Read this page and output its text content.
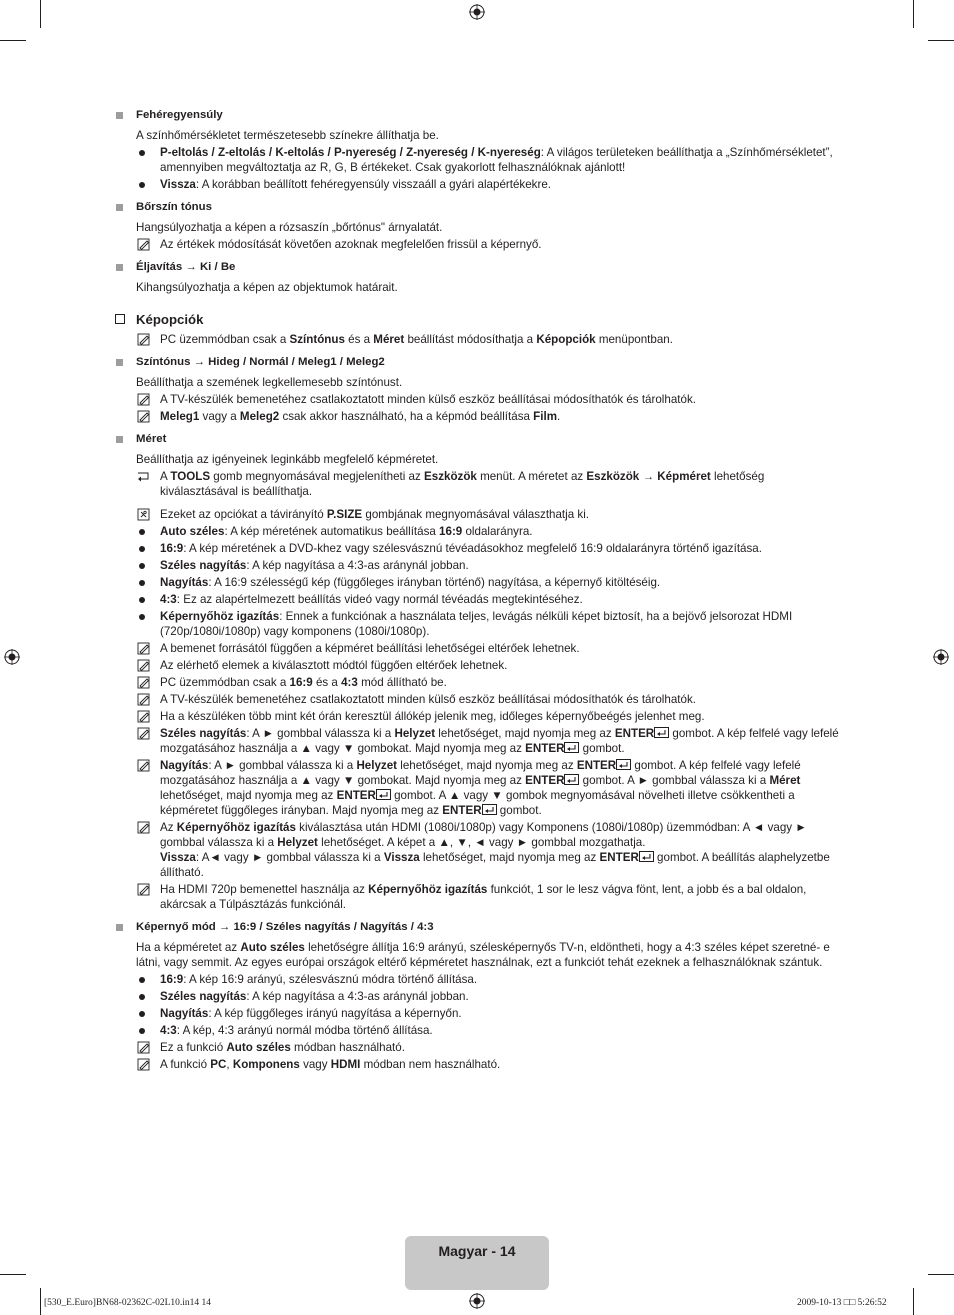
Fehéregyensúly
A színhőmérsékletet természetesebb színekre állíthatja be.
P-eltolás / Z-eltolás / K-eltolás / P-nyereség / Z-nyereség / K-nyereség: A világos területeken beállíthatja a „Színhőmérsékletet”, amennyiben megváltoztatja az R, G, B értékeket. Csak gyakorlott felhasználóknak ajánlott!
Vissza: A korábban beállított fehéregyensúly visszaáll a gyári alapértékekre.
Bőrszín tónus
Hangsúlyozhatja a képen a rózsaszín „bőrtónus" árnyalatát.
Az értékek módosítását követően azoknak megfelelően frissül a képernyő.
Éljavítás → Ki / Be
Kihangsúlyozhatja a képen az objektumok határait.
Képopciók
PC üzemmódban csak a Színtónus és a Méret beállítást módosíthatja a Képopciók menüpontban.
Színtónus → Hideg / Normál / Meleg1 / Meleg2
Beállíthatja a szemének legkellemesebb színtónust.
A TV-készülék bemenetéhez csatlakoztatott minden külső eszköz beállításai módosíthatók és tárolhatók.
Meleg1 vagy a Meleg2 csak akkor használható, ha a képmód beállítása Film.
Méret
Beállíthatja az igényeinek leginkább megfelelő képméretet.
A TOOLS gomb megnyomásával megjelenítheti az Eszközök menüt. A méretet az Eszközök → Képméret lehetőség kiválasztásával is beállíthatja.
Ezeket az opciókat a távirányító P.SIZE gombjának megnyomásával választhatja ki.
Auto széles: A kép méretének automatikus beállítása 16:9 oldalarányra.
16:9: A kép méretének a DVD-khez vagy szélesvásznú tévéadásokhoz megfelelő 16:9 oldalarányra történő igazítása.
Széles nagyítás: A kép nagyítása a 4:3-as aránynál jobban.
Nagyítás: A 16:9 szélességű kép (függőleges irányban történő) nagyítása, a képernyő kitöltéséig.
4:3: Ez az alapértelmezett beállítás videó vagy normál tévéadás megtekintéséhez.
Képernyőhöz igazítás: Ennek a funkciónak a használata teljes, levágás nélküli képet biztosít, ha a bejövő jelsorozat HDMI (720p/1080i/1080p) vagy komponens (1080i/1080p).
A bemenet forrásától függően a képméret beállítási lehetőségei eltérőek lehetnek.
Az elérhető elemek a kiválasztott módtól függően eltérőek lehetnek.
PC üzemmódban csak a 16:9 és a 4:3 mód állítható be.
A TV-készülék bemenetéhez csatlakoztatott minden külső eszköz beállításai módosíthatók és tárolhatók.
Ha a készüléken több mint két órán keresztül állókép jelenik meg, időleges képernyőbeégés jelenhet meg.
Széles nagyítás: A ► gombbal válassza ki a Helyzet lehetőséget, majd nyomja meg az ENTER gombot. A kép felfelé vagy lefelé mozgatásához használja a ▲ vagy ▼ gombokat. Majd nyomja meg az ENTER gombot.
Nagyítás: A ► gombbal válassza ki a Helyzet lehetőséget, majd nyomja meg az ENTER gombot. A kép felfelé vagy lefelé mozgatásához használja a ▲ vagy ▼ gombokat. Majd nyomja meg az ENTER gombot. A ► gombbal válassza ki a Méret lehetőséget, majd nyomja meg az ENTER gombot. A ▲ vagy ▼ gombok megnyomásával növelheti illetve csökkentheti a képméretet függőleges irányban. Majd nyomja meg az ENTER gombot.
Az Képernyőhöz igazítás kiválasztása után HDMI (1080i/1080p) vagy Komponens (1080i/1080p) üzemmódban: A ◄ vagy ► gombbal válassza ki a Helyzet lehetőséget. A képet a ▲, ▼, ◄ vagy ► gombbal mozgathatja.
Vissza: A◄ vagy ► gombbal válassza ki a Vissza lehetőséget, majd nyomja meg az ENTER gombot. A beállítás alaphelyzetbe állítható.
Ha HDMI 720p bemenettel használja az Képernyőhöz igazítás funkciót, 1 sor le lesz vágva fönt, lent, a jobb és a bal oldalon, akárcsak a Túlpásztázás funkciónál.
Képernyő mód → 16:9 / Széles nagyítás / Nagyítás / 4:3
Ha a képméretet az Auto széles lehetőségre állítja 16:9 arányú, szélesképernyős TV-n, eldöntheti, hogy a 4:3 széles képet szeretné- e látni, vagy semmit. Az egyes európai országok eltérő képméretet használnak, ezt a funkciót tehát ezeknek a felhasználóknak szántuk.
16:9: A kép 16:9 arányú, szélesvásznú módra történő állítása.
Széles nagyítás: A kép nagyítása a 4:3-as aránynál jobban.
Nagyítás: A kép függőleges irányú nagyítása a képernyőn.
4:3: A kép, 4:3 arányú normál módba történő állítása.
Ez a funkció Auto széles módban használható.
A funkció PC, Komponens vagy HDMI módban nem használható.
Magyar - 14
[530_E.Euro]BN68-02362C-02L10.in14 14	2009-10-13 □□ 5:26:52
